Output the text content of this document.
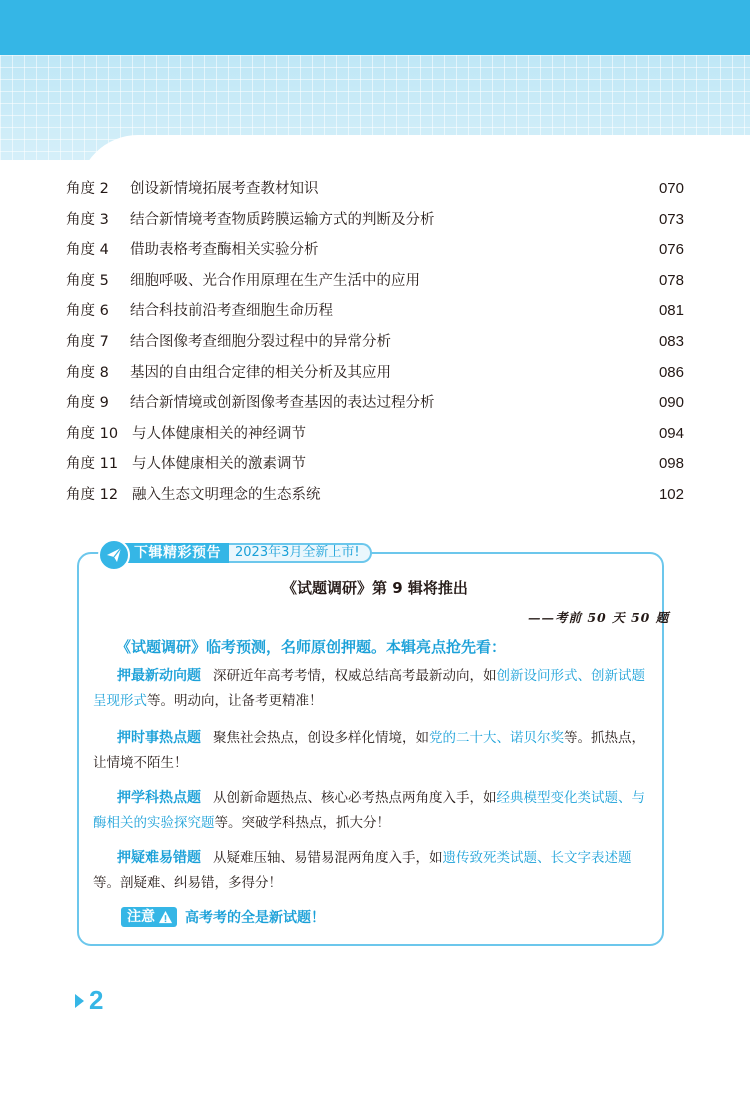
角度 2	创设新情境拓展考查教材知识	070
角度 3	结合新情境考查物质跨膜运输方式的判断及分析	073
角度 4	借助表格考查酶相关实验分析	076
角度 5	细胞呼吸、光合作用原理在生产生活中的应用	078
角度 6	结合科技前沿考查细胞生命历程	081
角度 7	结合图像考查细胞分裂过程中的异常分析	083
角度 8	基因的自由组合定律的相关分析及其应用	086
角度 9	结合新情境或创新图像考查基因的表达过程分析	090
角度 10 与人体健康相关的神经调节	094
角度 11 与人体健康相关的激素调节	098
角度 12 融入生态文明理念的生态系统	102
下辑精彩预告	2023年3月全新上市!
《试题调研》第 9 辑将推出
——考前 50 天 50 题
《试题调研》临考预测，名师原创押题。本辑亮点抢先看：
押最新动向题 深研近年高考考情，权威总结高考最新动向，如创新设问形式、创新试题呈现形式等。明动向，让备考更精准！
押时事热点题 聚焦社会热点，创设多样化情境，如党的二十大、诺贝尔奖等。抓热点，让情境不陌生！
押学科热点题 从创新命题热点、核心必考热点两角度入手，如经典模型变化类试题、与酶相关的实验探究题等。突破学科热点，抓大分！
押疑难易错题 从疑难压轴、易错易混两角度入手，如遗传致死类试题、长文字表述题等。剖疑难、纠易错，多得分！
注意 高考考的全是新试题！
2
